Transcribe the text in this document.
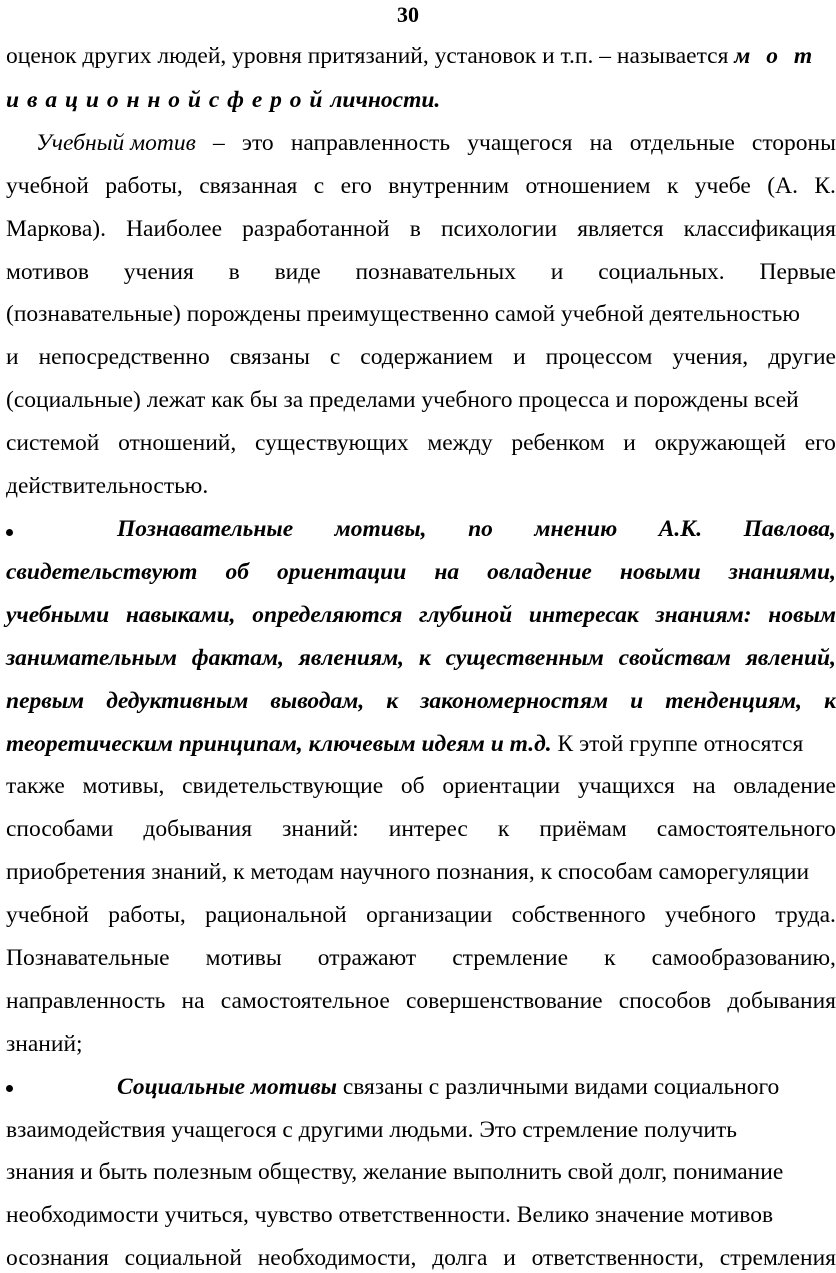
30
оценок других людей, уровня притязаний, установок и т.п. – называется м о т
и в а ц и о н н о й с ф е р о й личности.
Учебный мотив – это направленность учащегося на отдельные стороны
учебной работы, связанная с его внутренним отношением к учебе (А. К.
Маркова). Наиболее разработанной в психологии является классификация
мотивов учения в виде познавательных и социальных. Первые
(познавательные) порождены преимущественно самой учебной деятельностью
и непосредственно связаны с содержанием и процессом учения, другие
(социальные) лежат как бы за пределами учебного процесса и порождены всей
системой отношений, существующих между ребенком и окружающей его
действительностью.
Познавательные мотивы, по мнению А.К. Павлова,
свидетельствуют об ориентации на овладение новыми знаниями,
учебными навыками, определяются глубиной интересак знаниям: новым
занимательным фактам, явлениям, к существенным свойствам явлений,
первым дедуктивным выводам, к закономерностям и тенденциям, к
теоретическим принципам, ключевым идеям и т.д. К этой группе относятся
также мотивы, свидетельствующие об ориентации учащихся на овладение
способами добывания знаний: интерес к приёмам самостоятельного
приобретения знаний, к методам научного познания, к способам саморегуляции
учебной работы, рациональной организации собственного учебного труда.
Познавательные мотивы отражают стремление к самообразованию,
направленность на самостоятельное совершенствование способов добывания
знаний;
Социальные мотивы связаны с различными видами социального
взаимодействия учащегося с другими людьми. Это стремление получить
знания и быть полезным обществу, желание выполнить свой долг, понимание
необходимости учиться, чувство ответственности. Велико значение мотивов
осознания социальной необходимости, долга и ответственности, стремления
